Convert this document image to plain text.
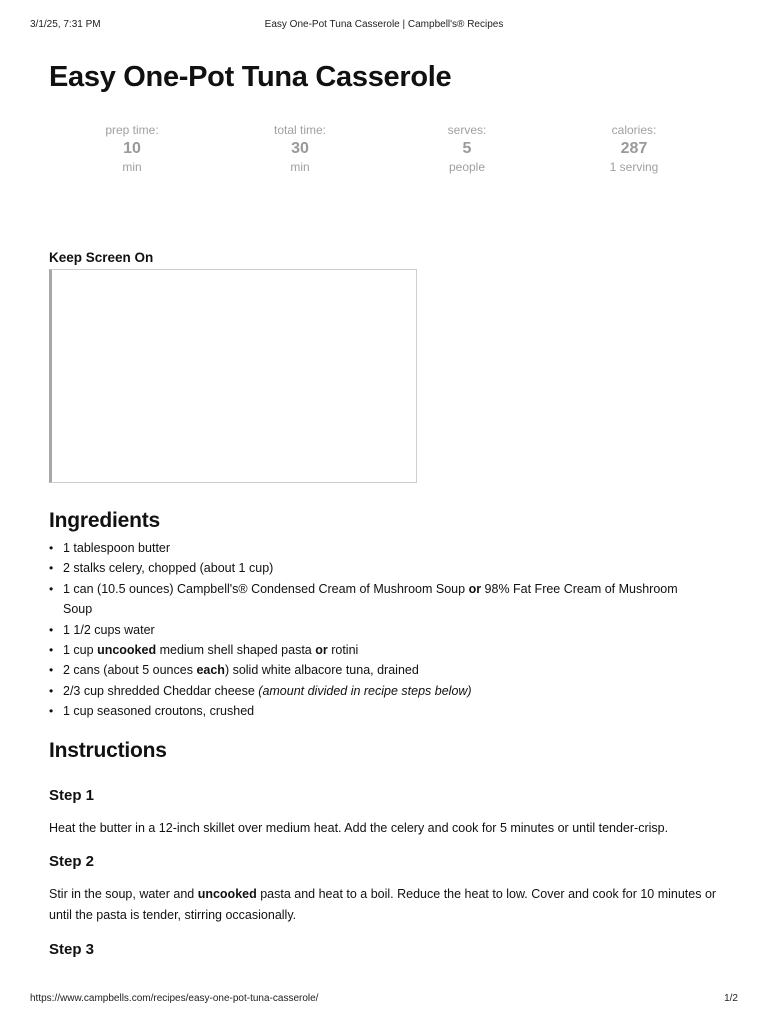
3/1/25, 7:31 PM	Easy One-Pot Tuna Casserole | Campbell's® Recipes
Easy One-Pot Tuna Casserole
prep time:
10
min
total time:
30
min
serves:
5
people
calories:
287
1 serving
Keep Screen On
Ingredients
• 1 tablespoon butter
• 2 stalks celery, chopped (about 1 cup)
• 1 can (10.5 ounces) Campbell's® Condensed Cream of Mushroom Soup or 98% Fat Free Cream of Mushroom Soup
• 1 1/2 cups water
• 1 cup uncooked medium shell shaped pasta or rotini
• 2 cans (about 5 ounces each) solid white albacore tuna, drained
• 2/3 cup shredded Cheddar cheese (amount divided in recipe steps below)
• 1 cup seasoned croutons, crushed
Instructions
Step 1

Heat the butter in a 12-inch skillet over medium heat. Add the celery and cook for 5 minutes or until tender-crisp.

Step 2

Stir in the soup, water and uncooked pasta and heat to a boil. Reduce the heat to low. Cover and cook for 10 minutes or until the pasta is tender, stirring occasionally.

Step 3
https://www.campbells.com/recipes/easy-one-pot-tuna-casserole/	1/2
